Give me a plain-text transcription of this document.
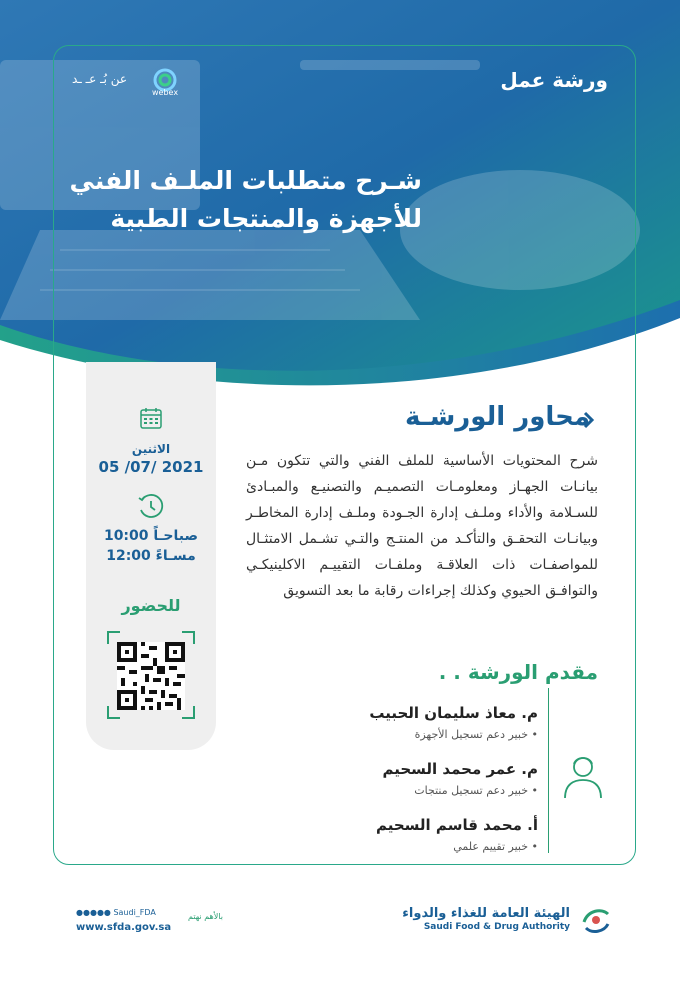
ورشة عمل
webex
عن بُـ عـ ـد
شـرح متطلبات الملـف الفني
للأجهزة والمنتجات الطبية
الاثنين
05 /07/ 2021
10:00 صباحـاً
12:00 مسـاءً
للحضور
محاور الورشـة
شرح المحتويات الأساسية للملف الفني والتي تتكون مـن بيانـات الجهـاز ومعلومـات التصميـم والتصنيـع والمبـادئ للسـلامة والأداء وملـف إدارة الجـودة وملـف إدارة المخاطـر وبيانـات التحقـق والتأكـد من المنتـج والتـي تشـمل الامتثـال للمواصفـات ذات العلاقـة وملفـات التقييـم الاكلينيكـي والتوافـق الحيوي وكذلك إجراءات رقابة ما بعد التسويق
مقدم الورشة . .
م. معاذ سليمان الحبيب
• خبير دعم تسجيل الأجهزة
م. عمر محمد السحيم
• خبير دعم تسجيل منتجات
أ. محمد قاسم السحيم
• خبير تقييم علمي
الهيئة العامة للغذاء والدواء
Saudi Food & Drug Authority
بالأهم نهتم
●●●●● Saudi_FDA
www.sfda.gov.sa
